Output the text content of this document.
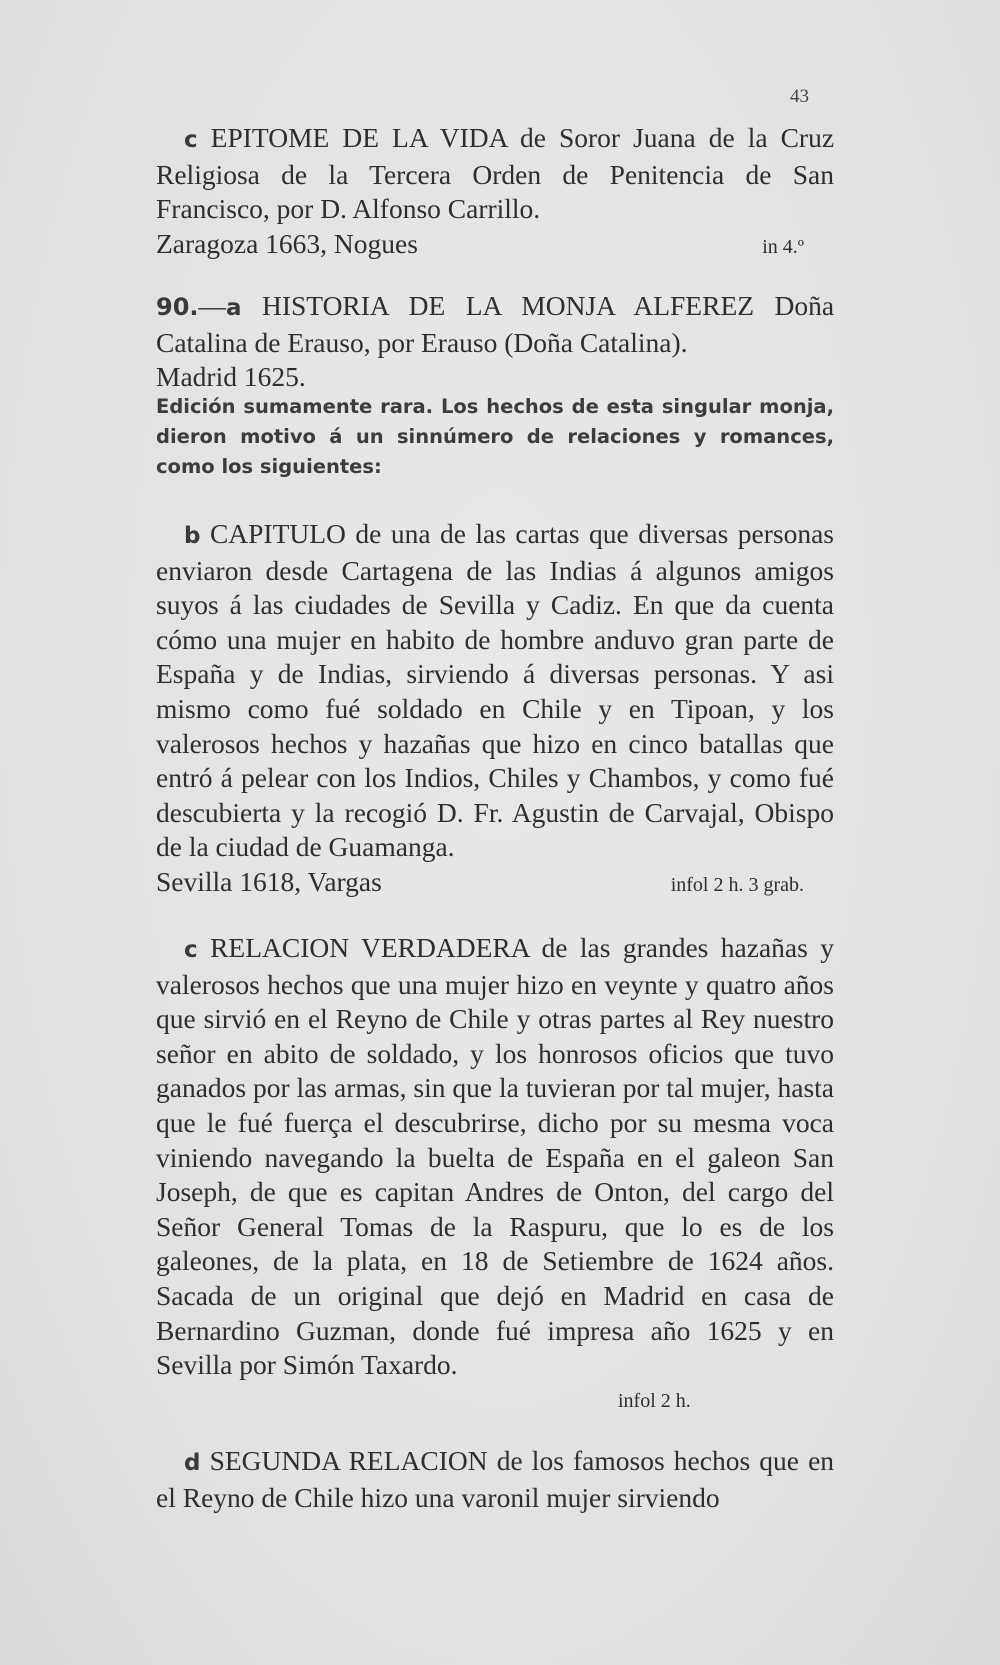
43

c EPITOME DE LA VIDA de Soror Juana de la Cruz Religiosa de la Tercera Orden de Penitencia de San Francisco, por D. Alfonso Carrillo.

Zaragoza 1663, Nogues	in 4.º

90.—a HISTORIA DE LA MONJA ALFEREZ Doña Catalina de Erauso, por Erauso (Doña Catalina).

Madrid 1625.

Edición sumamente rara. Los hechos de esta singular monja, dieron motivo á un sinnúmero de relaciones y romances, como los siguientes:

b CAPITULO de una de las cartas que diversas personas enviaron desde Cartagena de las Indias á algunos amigos suyos á las ciudades de Sevilla y Cadiz. En que da cuenta cómo una mujer en habito de hombre anduvo gran parte de España y de Indias, sirviendo á diversas personas. Y asi mismo como fué soldado en Chile y en Tipoan, y los valerosos hechos y hazañas que hizo en cinco batallas que entró á pelear con los Indios, Chiles y Chambos, y como fué descubierta y la recogió D. Fr. Agustin de Carvajal, Obispo de la ciudad de Guamanga.

Sevilla 1618, Vargas	infol 2 h. 3 grab.

c RELACION VERDADERA de las grandes hazañas y valerosos hechos que una mujer hizo en veynte y quatro años que sirvió en el Reyno de Chile y otras partes al Rey nuestro señor en abito de soldado, y los honrosos oficios que tuvo ganados por las armas, sin que la tuvieran por tal mujer, hasta que le fué fuerça el descubrirse, dicho por su mesma voca viniendo navegando la buelta de España en el galeon San Joseph, de que es capitan Andres de Onton, del cargo del Señor General Tomas de la Raspuru, que lo es de los galeones, de la plata, en 18 de Setiembre de 1624 años. Sacada de un original que dejó en Madrid en casa de Bernardino Guzman, donde fué impresa año 1625 y en Sevilla por Simón Taxardo.

infol 2 h.

d SEGUNDA RELACION de los famosos hechos que en el Reyno de Chile hizo una varonil mujer sirviendo
